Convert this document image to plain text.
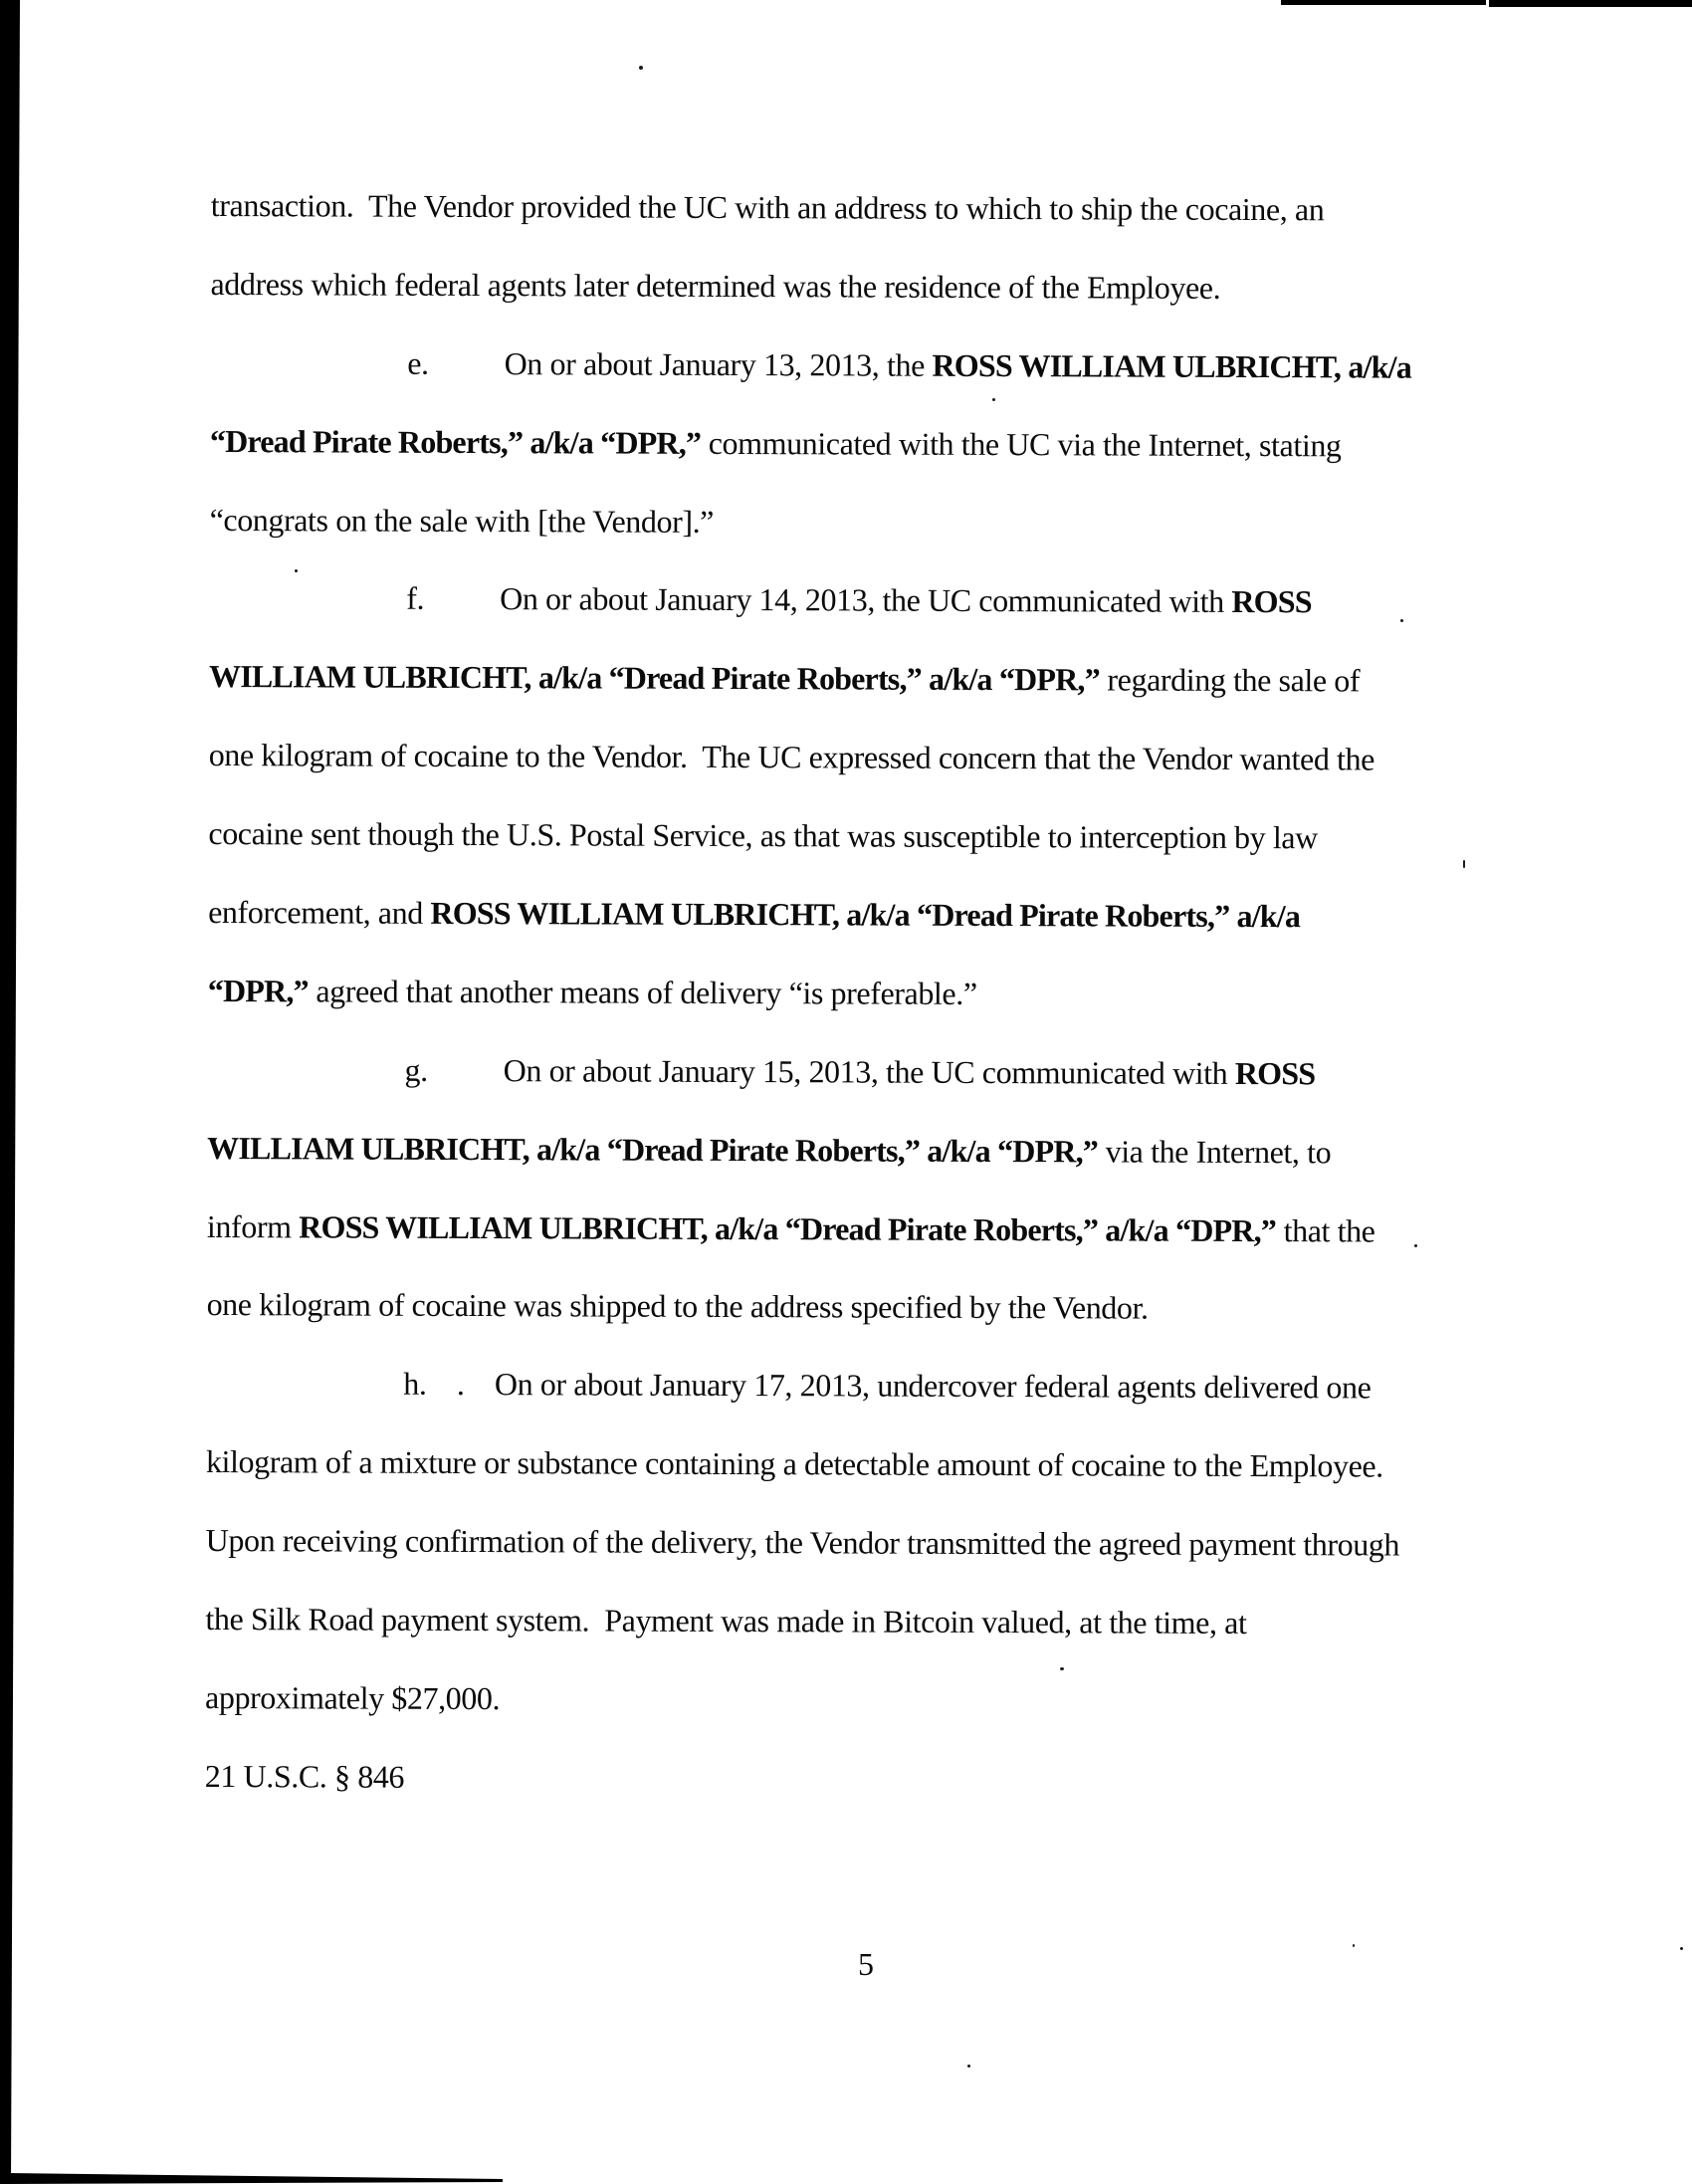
transaction.  The Vendor provided the UC with an address to which to ship the cocaine, an
address which federal agents later determined was the residence of the Employee.
e.          On or about January 13, 2013, the ROSS WILLIAM ULBRICHT, a/k/a
“Dread Pirate Roberts,” a/k/a “DPR,” communicated with the UC via the Internet, stating
“congrats on the sale with [the Vendor].”
f.          On or about January 14, 2013, the UC communicated with ROSS
WILLIAM ULBRICHT, a/k/a “Dread Pirate Roberts,” a/k/a “DPR,” regarding the sale of
one kilogram of cocaine to the Vendor.  The UC expressed concern that the Vendor wanted the
cocaine sent though the U.S. Postal Service, as that was susceptible to interception by law
enforcement, and ROSS WILLIAM ULBRICHT, a/k/a “Dread Pirate Roberts,” a/k/a
“DPR,” agreed that another means of delivery “is preferable.”
g.          On or about January 15, 2013, the UC communicated with ROSS
WILLIAM ULBRICHT, a/k/a “Dread Pirate Roberts,” a/k/a “DPR,” via the Internet, to
inform ROSS WILLIAM ULBRICHT, a/k/a “Dread Pirate Roberts,” a/k/a “DPR,” that the
one kilogram of cocaine was shipped to the address specified by the Vendor.
h.    .    On or about January 17, 2013, undercover federal agents delivered one
kilogram of a mixture or substance containing a detectable amount of cocaine to the Employee.
Upon receiving confirmation of the delivery, the Vendor transmitted the agreed payment through
the Silk Road payment system.  Payment was made in Bitcoin valued, at the time, at
approximately $27,000.
21 U.S.C. § 846
5
